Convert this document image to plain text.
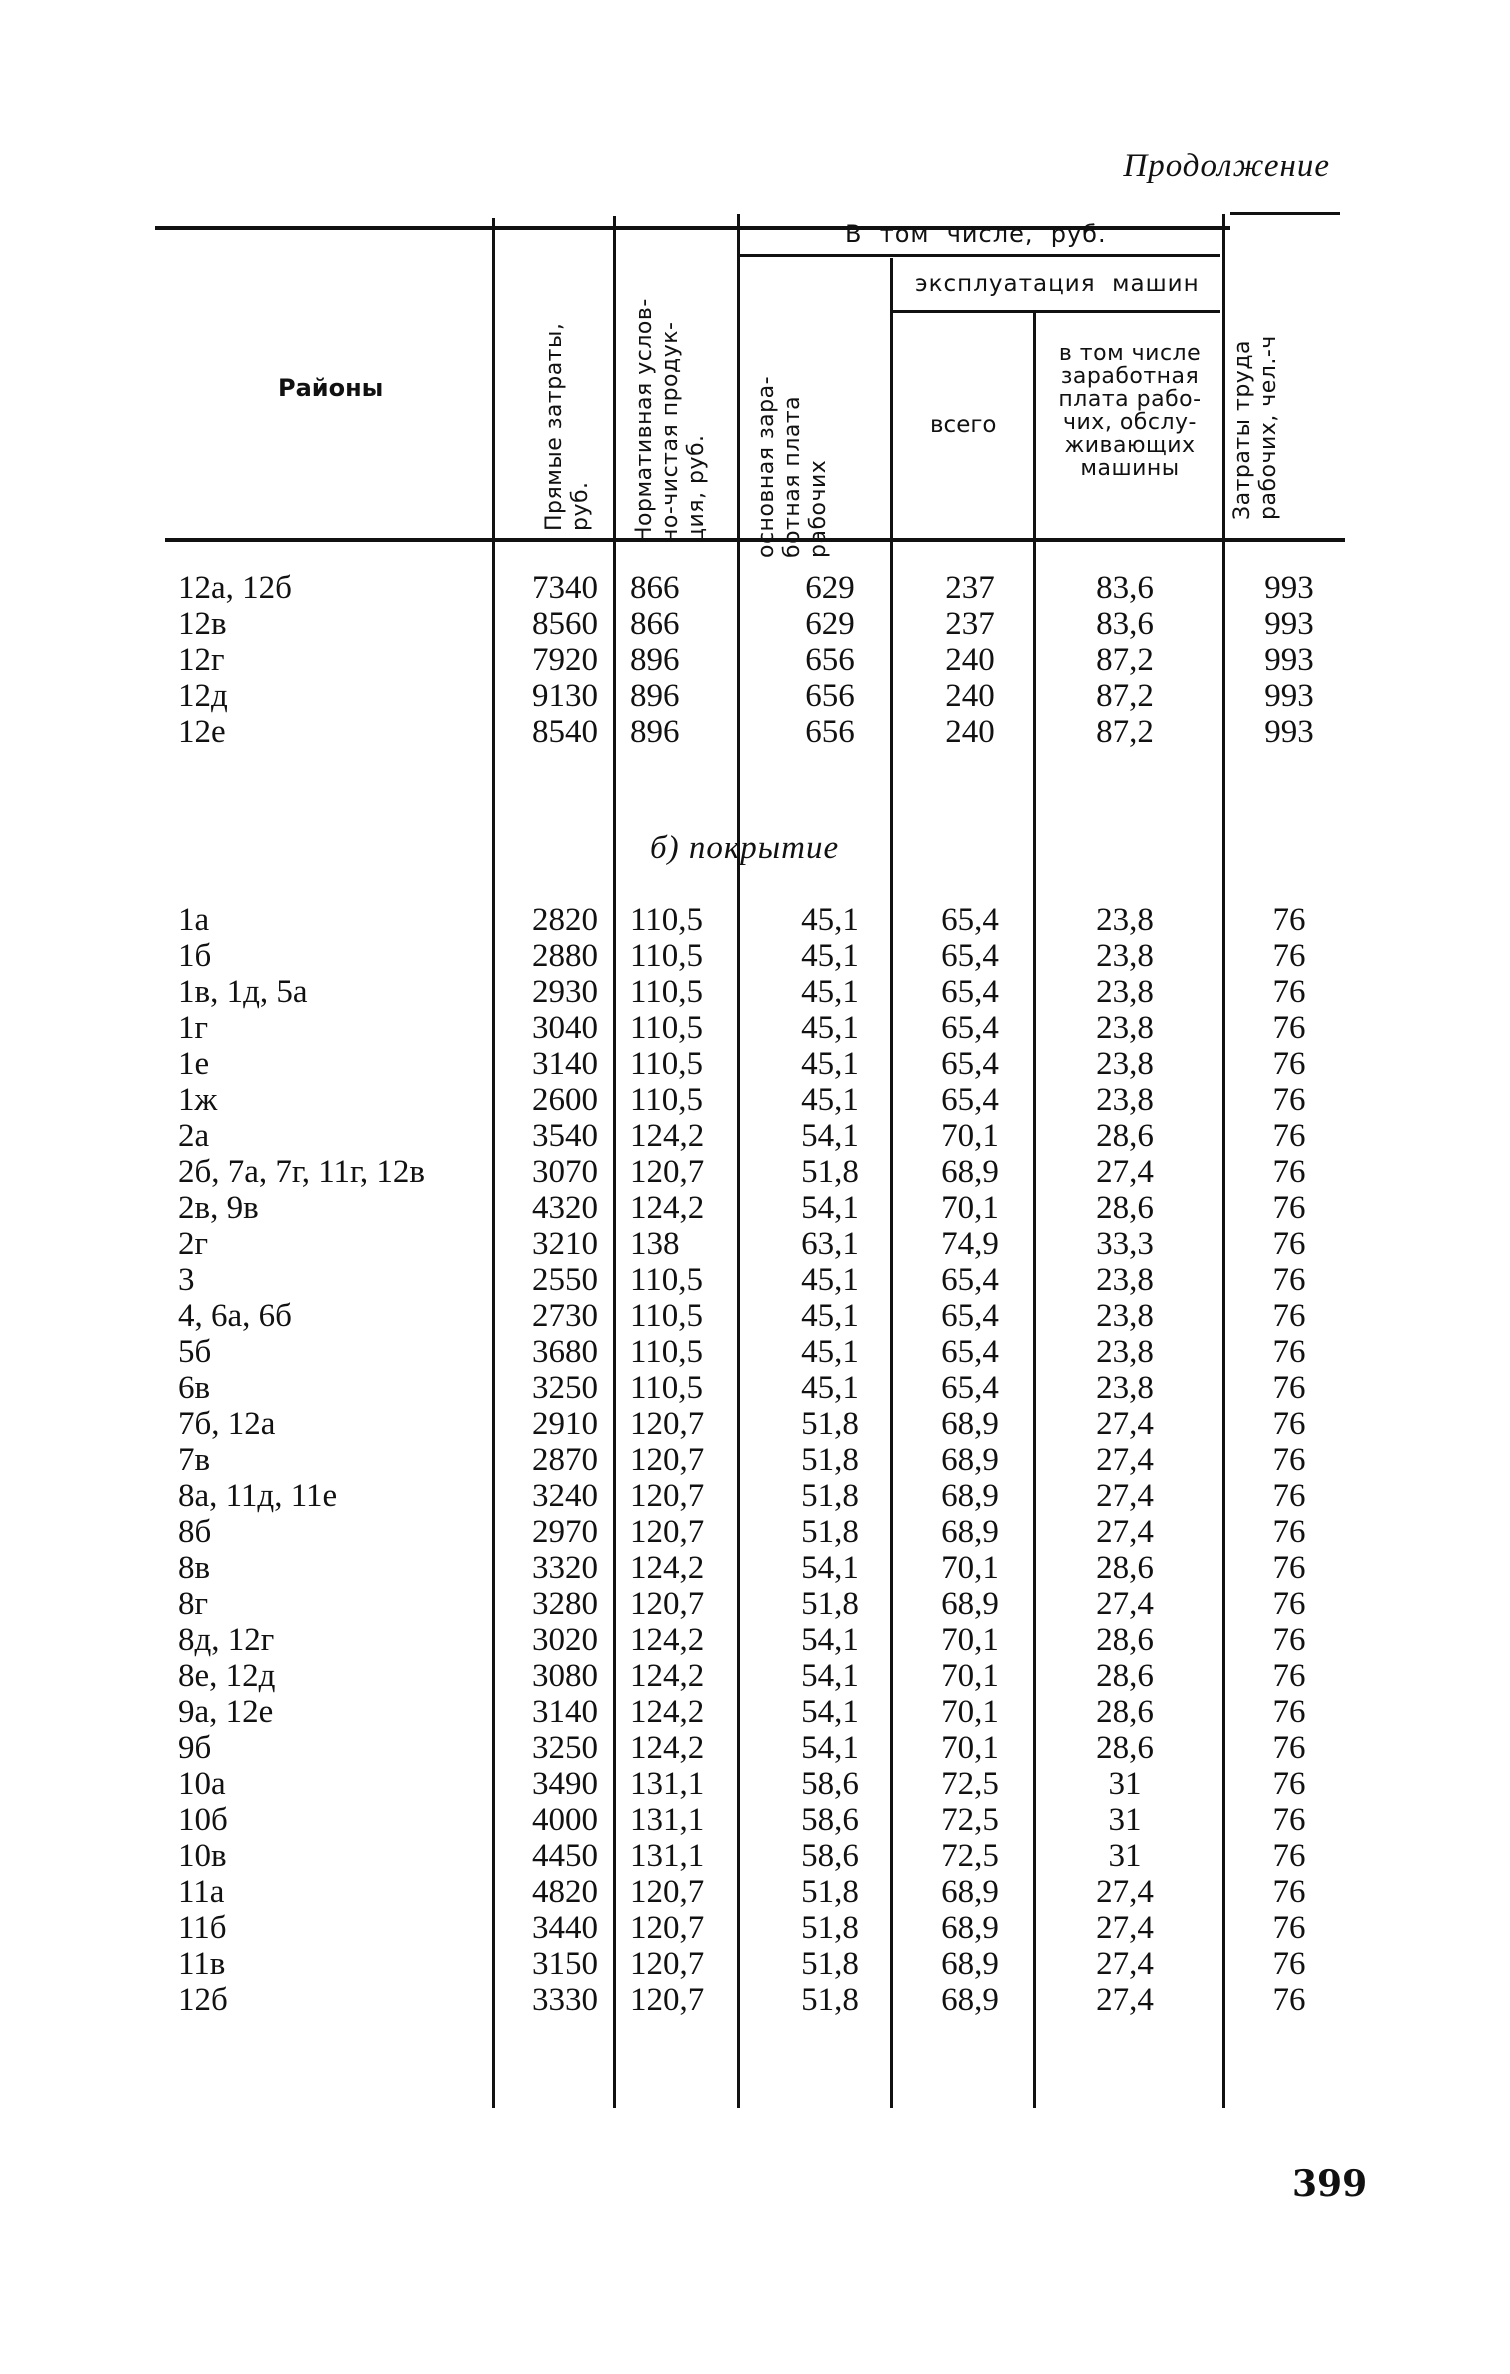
Продолжение
Районы
Прямые затраты,
руб.	Нормативная услов-
но-чистая продук-
ция, руб.
В  том  числе,  руб.
эксплуатация  машин
основная зара-
ботная плата
рабочих
всего
в том числе
заработная
плата рабо-
чих, обслу-
живающих
машины	Затраты труда
рабочих, чел.-ч
12а, 12б	7340 866	629	237	83,6	993
12в	8560 866	629	237	83,6	993
12г	7920 896	656	240	87,2	993
12д	9130 896	656	240	87,2	993
12е	8540 896	656	240	87,2	993
б) покрытие
1а	2820 110,5	45,1	65,4	23,8	76
1б	2880 110,5	45,1	65,4	23,8	76
1в, 1д, 5а	2930 110,5	45,1	65,4	23,8	76
1г	3040 110,5	45,1	65,4	23,8	76
1е	3140 110,5	45,1	65,4	23,8	76
1ж	2600 110,5	45,1	65,4	23,8	76
2а	3540 124,2	54,1	70,1	28,6	76
2б, 7а, 7г, 11г, 12в	3070 120,7	51,8	68,9	27,4	76
2в, 9в	4320 124,2	54,1	70,1	28,6	76
2г	3210 138	63,1	74,9	33,3	76
3	2550 110,5	45,1	65,4	23,8	76
4, 6а, 6б	2730 110,5	45,1	65,4	23,8	76
5б	3680 110,5	45,1	65,4	23,8	76
6в	3250 110,5	45,1	65,4	23,8	76
7б, 12а	2910 120,7	51,8	68,9	27,4	76
7в	2870 120,7	51,8	68,9	27,4	76
8а, 11д, 11е	3240 120,7	51,8	68,9	27,4	76
8б	2970 120,7	51,8	68,9	27,4	76
8в	3320 124,2	54,1	70,1	28,6	76
8г	3280 120,7	51,8	68,9	27,4	76
8д, 12г	3020 124,2	54,1	70,1	28,6	76
8е, 12д	3080 124,2	54,1	70,1	28,6	76
9а, 12е	3140 124,2	54,1	70,1	28,6	76
9б	3250 124,2	54,1	70,1	28,6	76
10а	3490 131,1	58,6	72,5	31	76
10б	4000 131,1	58,6	72,5	31	76
10в	4450 131,1	58,6	72,5	31	76
11а	4820 120,7	51,8	68,9	27,4	76
11б	3440 120,7	51,8	68,9	27,4	76
11в	3150 120,7	51,8	68,9	27,4	76
12б	3330 120,7	51,8	68,9	27,4	76
399
